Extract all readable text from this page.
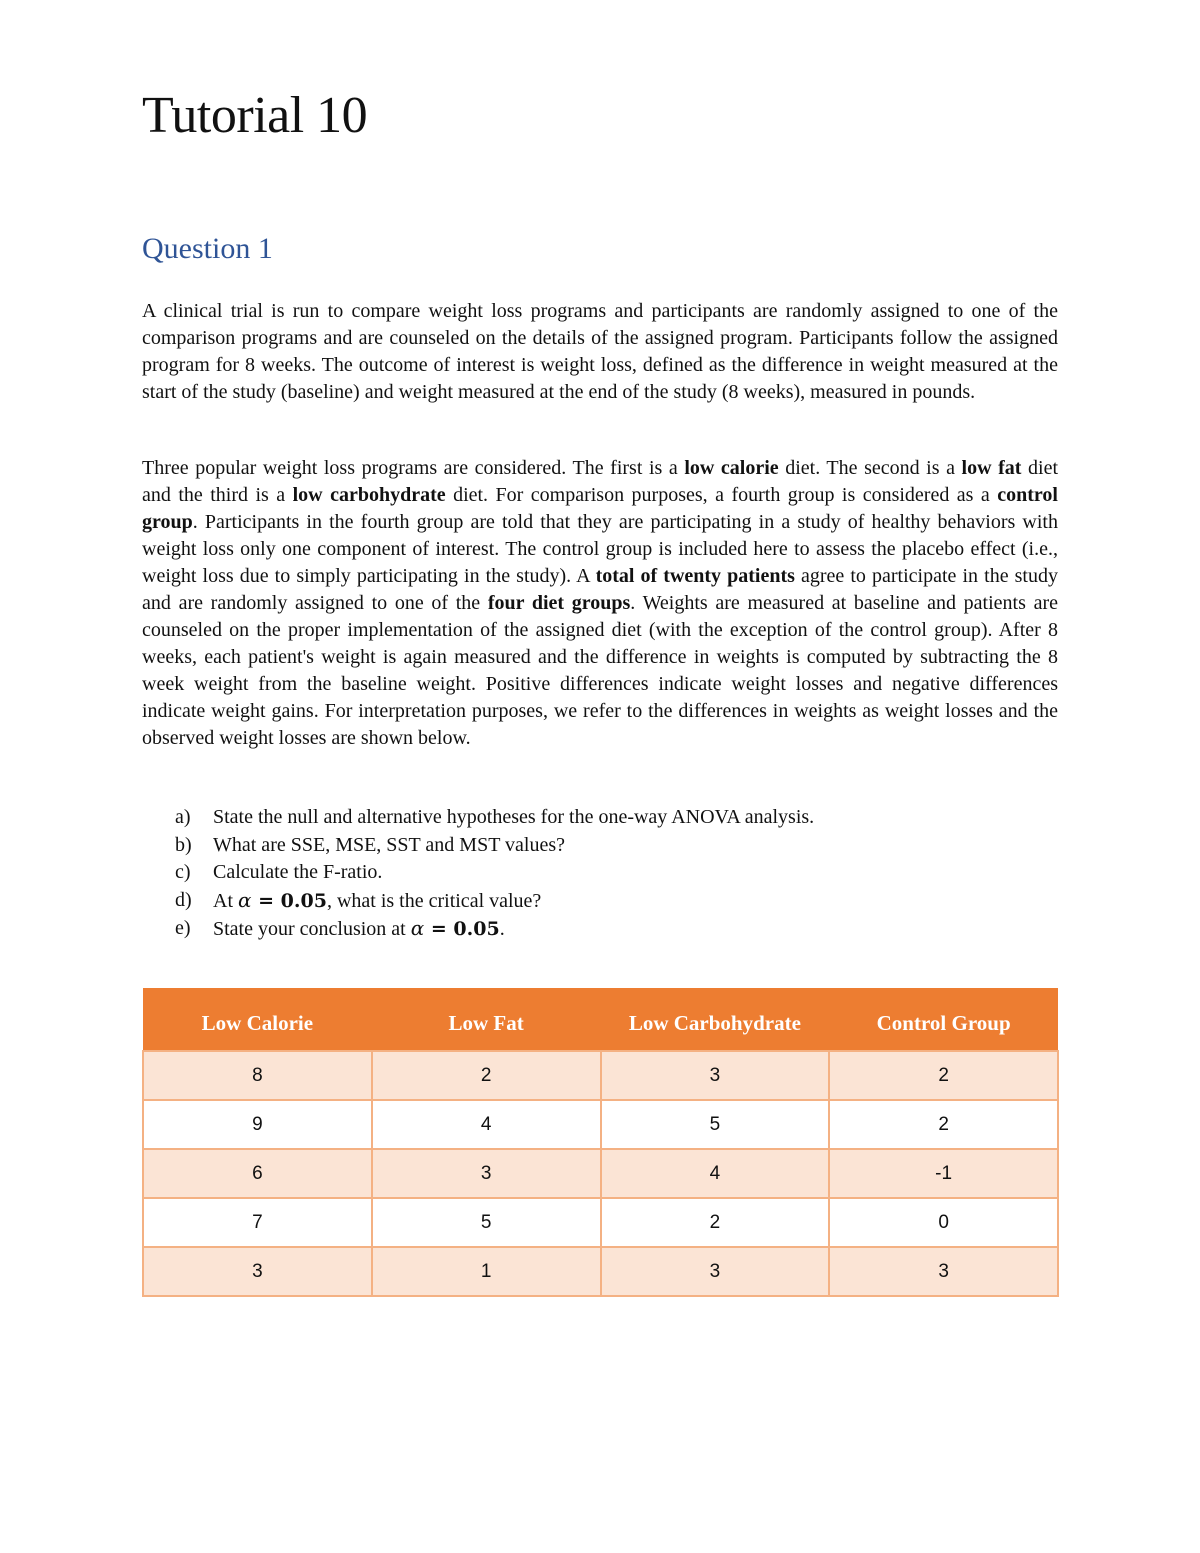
Tutorial 10
Question 1

A clinical trial is run to compare weight loss programs and participants are randomly assigned to one of the comparison programs and are counseled on the details of the assigned program. Participants follow the assigned program for 8 weeks. The outcome of interest is weight loss, defined as the difference in weight measured at the start of the study (baseline) and weight measured at the end of the study (8 weeks), measured in pounds.

Three popular weight loss programs are considered. The first is a low calorie diet. The second is a low fat diet and the third is a low carbohydrate diet. For comparison purposes, a fourth group is considered as a control group. Participants in the fourth group are told that they are participating in a study of healthy behaviors with weight loss only one component of interest. The control group is included here to assess the placebo effect (i.e., weight loss due to simply participating in the study). A total of twenty patients agree to participate in the study and are randomly assigned to one of the four diet groups. Weights are measured at baseline and patients are counseled on the proper implementation of the assigned diet (with the exception of the control group). After 8 weeks, each patient's weight is again measured and the difference in weights is computed by subtracting the 8 week weight from the baseline weight. Positive differences indicate weight losses and negative differences indicate weight gains. For interpretation purposes, we refer to the differences in weights as weight losses and the observed weight losses are shown below.

a)	State the null and alternative hypotheses for the one-way ANOVA analysis.
b)	What are SSE, MSE, SST and MST values?
c)	Calculate the F-ratio.
d)	At α = 0.05, what is the critical value?
e)	State your conclusion at α = 0.05.
Low Calorie	Low Fat	Low Carbohydrate	Control Group
8	2	3	2
9	4	5	2
6	3	4	-1
7	5	2	0
3	1	3	3
